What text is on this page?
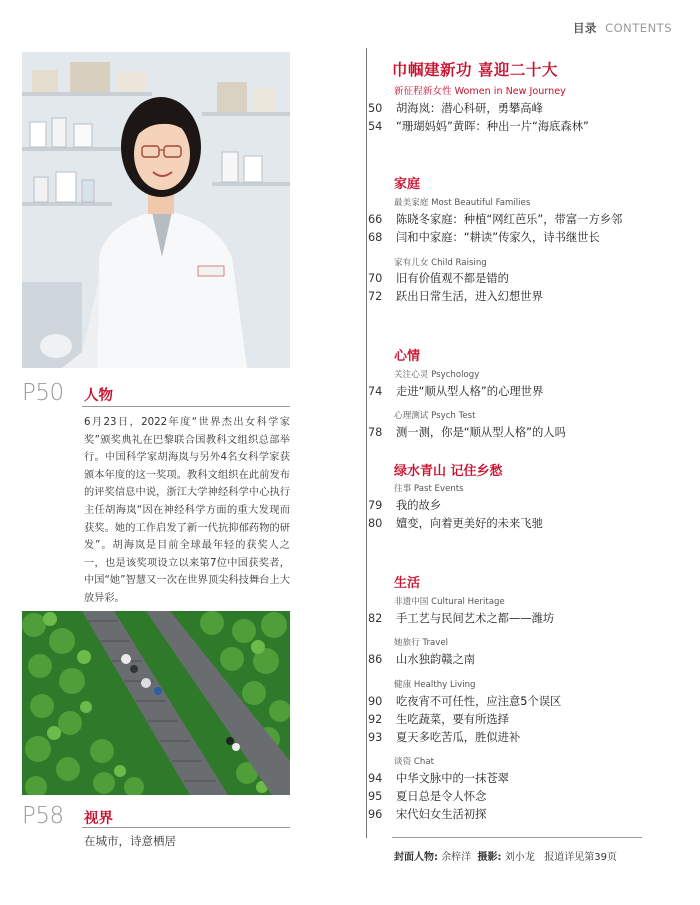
目录 CONTENTS
P50 人物
6月23日，2022年度“世界杰出女科学家奖”颁奖典礼在巴黎联合国教科文组织总部举行。中国科学家胡海岚与另外4名女科学家获颁本年度的这一奖项。教科文组织在此前发布的评奖信息中说，浙江大学神经科学中心执行主任胡海岚“因在神经科学方面的重大发现而获奖。她的工作启发了新一代抗抑郁药物的研发”。胡海岚是目前全球最年轻的获奖人之一，也是该奖项设立以来第7位中国获奖者，中国“她”智慧又一次在世界顶尖科技舞台上大放异彩。
P58 视界
在城市，诗意栖居
巾帼建新功 喜迎二十大
新征程新女性 Women in New Journey
50 胡海岚：潜心科研，勇攀高峰
54 “珊瑚妈妈”黄晖：种出一片“海底森林”
家庭
最美家庭 Most Beautiful Families
66 陈晓冬家庭：种植“网红芭乐”，带富一方乡邻
68 闫和中家庭：“耕读”传家久，诗书继世长
家有儿女 Child Raising
70 旧有价值观不都是错的
72 跃出日常生活，进入幻想世界
心情
关注心灵 Psychology
74 走进“顺从型人格”的心理世界
心理测试 Psych Test
78 测一测，你是“顺从型人格”的人吗
绿水青山 记住乡愁
往事 Past Events
79 我的故乡
80 嬗变，向着更美好的未来飞驰
生活
非遗中国 Cultural Heritage
82 手工艺与民间艺术之都——潍坊
她旅行 Travel
86 山水独韵赣之南
健康 Healthy Living
90 吃夜宵不可任性，应注意5个误区
92 生吃蔬菜，要有所选择
93 夏天多吃苦瓜，胜似进补
谈资 Chat
94 中华文脉中的一抹苍翠
95 夏日总是令人怀念
96 宋代妇女生活初探
封面人物: 余梓洋 摄影: 刘小龙 报道详见第39页
